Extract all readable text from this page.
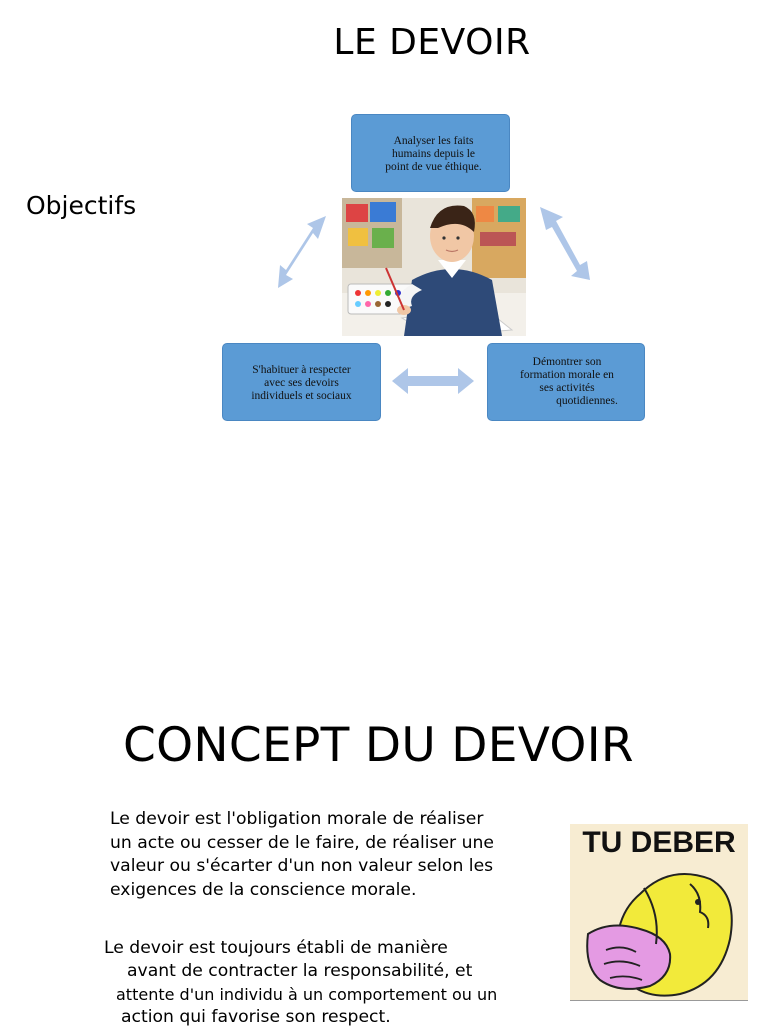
LE DEVOIR
Objectifs
Analyser les faits
humains depuis le
point de vue éthique.
S'habituer à respecter
avec ses devoirs
individuels et sociaux
Démontrer son
formation morale en
ses activités
quotidiennes.
CONCEPT DU DEVOIR
Le devoir est l'obligation morale de réaliser un acte ou cesser de le faire, de réaliser une valeur ou s'écarter d'un non valeur selon les exigences de la conscience morale.
Le devoir est toujours établi de manière
avant de contracter la responsabilité, et
attente d'un individu à un comportement ou un
action qui favorise son respect.
TU DEBER
